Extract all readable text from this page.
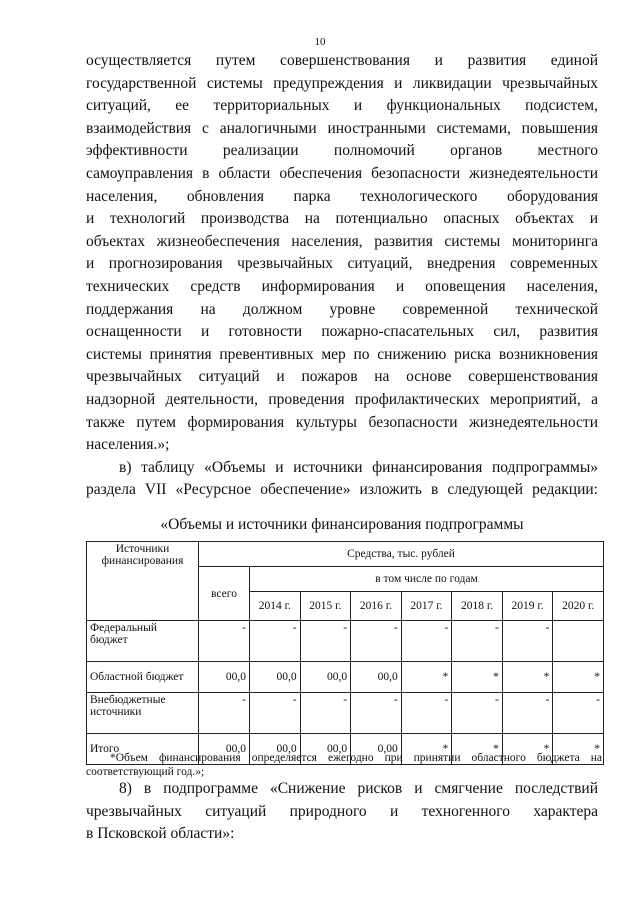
10
осуществляется путем совершенствования и развития единой
государственной системы предупреждения и ликвидации чрезвычайных
ситуаций, ее территориальных и функциональных подсистем,
взаимодействия с аналогичными иностранными системами, повышения
эффективности реализации полномочий органов местного
самоуправления в области обеспечения безопасности жизнедеятельности
населения, обновления парка технологического оборудования
и технологий производства на потенциально опасных объектах и
объектах жизнеобеспечения населения, развития системы мониторинга
и прогнозирования чрезвычайных ситуаций, внедрения современных
технических средств информирования и оповещения населения,
поддержания на должном уровне современной технической
оснащенности и готовности пожарно-спасательных сил, развития
системы принятия превентивных мер по снижению риска возникновения
чрезвычайных ситуаций и пожаров на основе совершенствования
надзорной деятельности, проведения профилактических мероприятий, а
также путем формирования культуры безопасности жизнедеятельности
населения.»;
в) таблицу «Объемы и источники финансирования подпрограммы»
раздела VII «Ресурсное обеспечение» изложить в следующей редакции:
«Объемы и источники финансирования подпрограммы
Источники финансирования	Средства, тыс. рублей							
	всего	в том числе по годам						
		2014 г.	2015 г.	2016 г.	2017 г.	2018 г.	2019 г.	2020 г.
Федеральный бюджет	-	-	-	-	-	-	-	
Областной бюджет	00,0	00,0	00,0	00,0	*	*	*	*
Внебюджетные источники	-	-	-	-	-	-	-	-
Итого	00,0	00,0	00,0	0,00	*	*	*	*
*Объем финансирования определяется ежегодно при принятии областного бюджета на
соответствующий год.»;
8) в подпрограмме «Снижение рисков и смягчение последствий
чрезвычайных ситуаций природного и техногенного характера
в Псковской области»:
